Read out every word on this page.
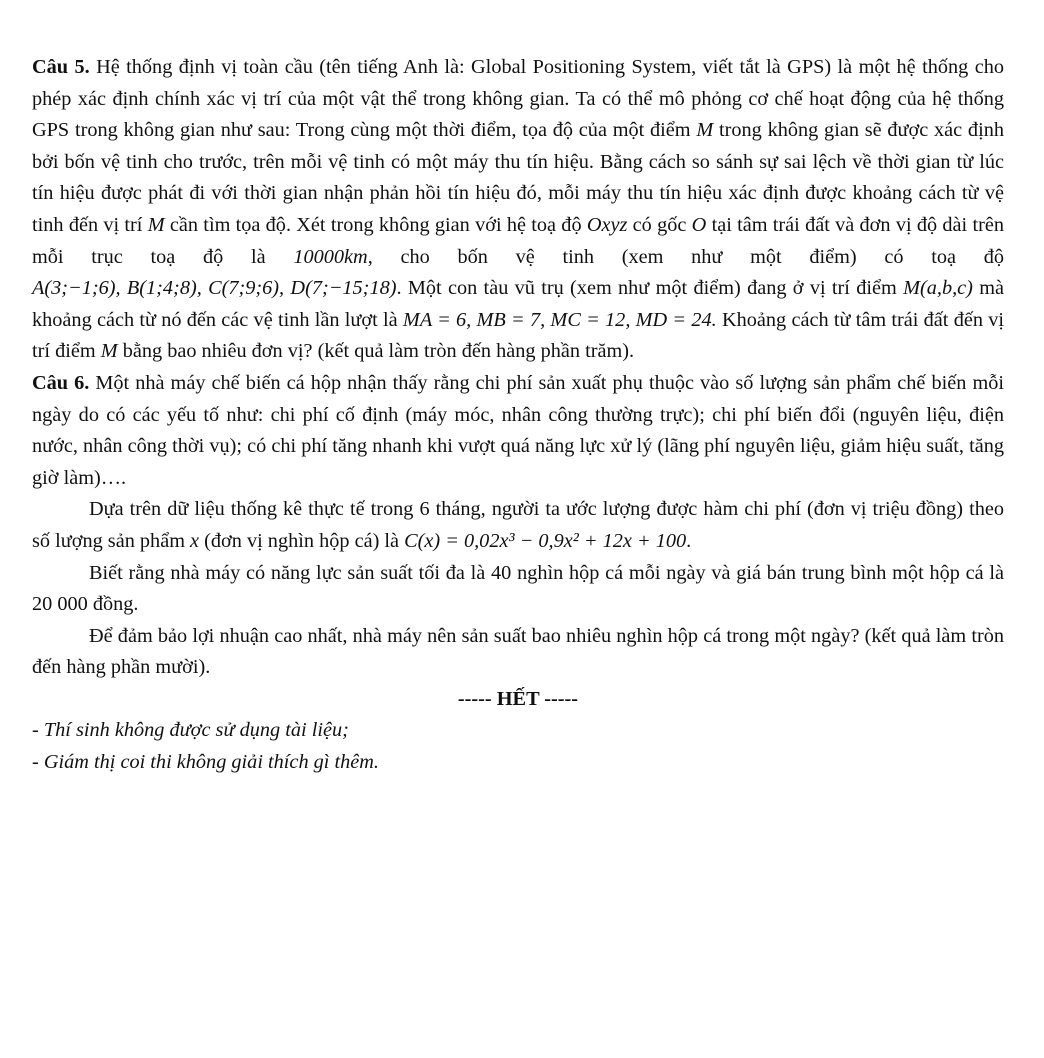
Câu 5. Hệ thống định vị toàn cầu (tên tiếng Anh là: Global Positioning System, viết tắt là GPS) là một hệ thống cho phép xác định chính xác vị trí của một vật thể trong không gian. Ta có thể mô phỏng cơ chế hoạt động của hệ thống GPS trong không gian như sau: Trong cùng một thời điểm, tọa độ của một điểm M trong không gian sẽ được xác định bởi bốn vệ tinh cho trước, trên mỗi vệ tinh có một máy thu tín hiệu. Bằng cách so sánh sự sai lệch về thời gian từ lúc tín hiệu được phát đi với thời gian nhận phản hồi tín hiệu đó, mỗi máy thu tín hiệu xác định được khoảng cách từ vệ tinh đến vị trí M cần tìm tọa độ. Xét trong không gian với hệ toạ độ Oxyz có gốc O tại tâm trái đất và đơn vị độ dài trên mỗi trục toạ độ là 10000km, cho bốn vệ tinh (xem như một điểm) có toạ độ A(3;−1;6), B(1;4;8), C(7;9;6), D(7;−15;18). Một con tàu vũ trụ (xem như một điểm) đang ở vị trí điểm M(a,b,c) mà khoảng cách từ nó đến các vệ tinh lần lượt là MA = 6, MB = 7, MC = 12, MD = 24. Khoảng cách từ tâm trái đất đến vị trí điểm M bằng bao nhiêu đơn vị? (kết quả làm tròn đến hàng phần trăm).

Câu 6. Một nhà máy chế biến cá hộp nhận thấy rằng chi phí sản xuất phụ thuộc vào số lượng sản phẩm chế biến mỗi ngày do có các yếu tố như: chi phí cố định (máy móc, nhân công thường trực); chi phí biến đổi (nguyên liệu, điện nước, nhân công thời vụ); có chi phí tăng nhanh khi vượt quá năng lực xử lý (lãng phí nguyên liệu, giảm hiệu suất, tăng giờ làm)….

Dựa trên dữ liệu thống kê thực tế trong 6 tháng, người ta ước lượng được hàm chi phí (đơn vị triệu đồng) theo số lượng sản phẩm x (đơn vị nghìn hộp cá) là C(x) = 0,02x³ − 0,9x² + 12x + 100.

Biết rằng nhà máy có năng lực sản suất tối đa là 40 nghìn hộp cá mỗi ngày và giá bán trung bình một hộp cá là 20 000 đồng.

Để đảm bảo lợi nhuận cao nhất, nhà máy nên sản suất bao nhiêu nghìn hộp cá trong một ngày? (kết quả làm tròn đến hàng phần mười).

----- HẾT -----

- Thí sinh không được sử dụng tài liệu;

- Giám thị coi thi không giải thích gì thêm.
